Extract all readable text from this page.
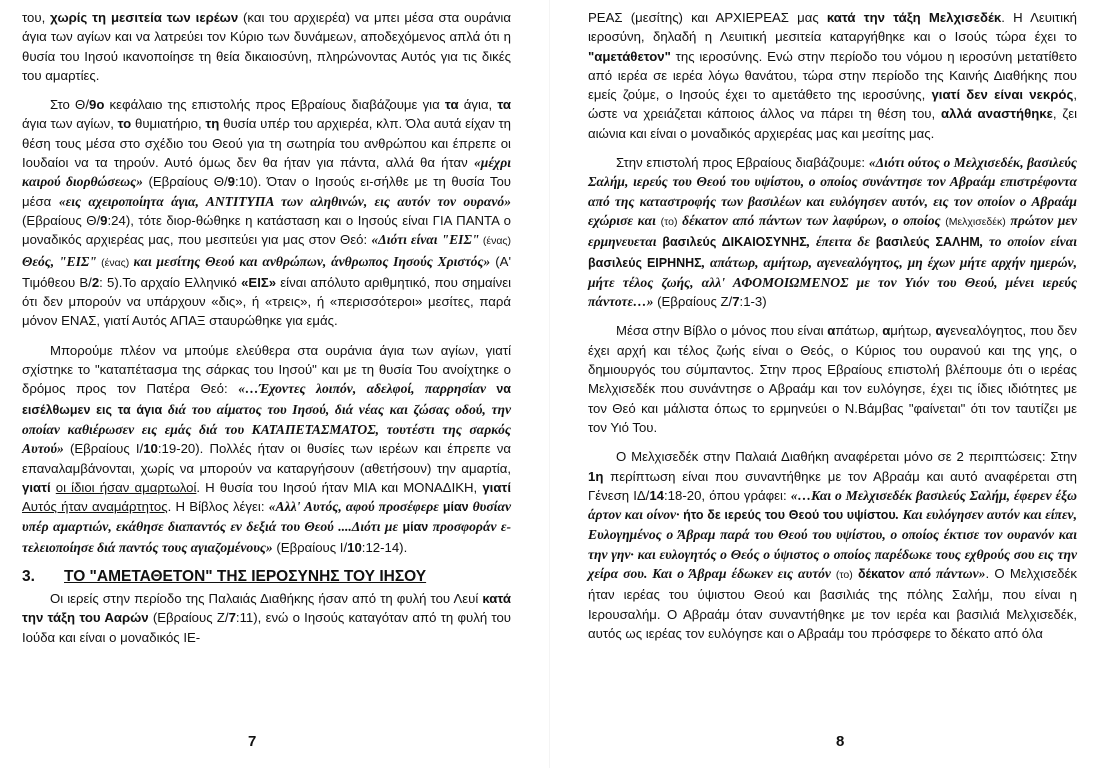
του, χωρίς τη μεσιτεία των ιερέων (και του αρχιερέα) να μπει μέσα στα ουράνια άγια των αγίων και να λατρεύει τον Κύριο των δυνάμεων, αποδεχόμενος απλά ότι η θυσία του Ιησού ικανοποίησε τη θεία δικαιοσύνη, πληρώνοντας Αυτός για τις δικές του αμαρτίες.

Στο Θ/9ο κεφάλαιο της επιστολής προς Εβραίους διαβάζουμε για τα άγια, τα άγια των αγίων, το θυμιατήριο, τη θυσία υπέρ του αρχιερέα, κλπ. Όλα αυτά είχαν τη θέση τους μέσα στο σχέδιο του Θεού για τη σωτηρία του ανθρώπου και έπρεπε οι Ιουδαίοι να τα τηρούν. Αυτό όμως δεν θα ήταν για πάντα, αλλά θα ήταν «μέχρι καιρού διορθώσεως» (Εβραίους Θ/9:10). Όταν ο Ιησούς ει-σήλθε με τη θυσία Του μέσα «εις αχειροποίητα άγια, ΑΝΤΙΤΥΠΑ των αληθινών, εις αυτόν τον ουρανό» (Εβραίους Θ/9:24), τότε διορ-θώθηκε η κατάσταση και ο Ιησούς είναι ΓΙΑ ΠΑΝΤΑ ο μοναδικός αρχιερέας μας, που μεσιτεύει για μας στον Θεό: «Διότι είναι "ΕΙΣ" (ένας) Θεός, "ΕΙΣ" (ένας) και μεσίτης Θεού και ανθρώπων, άνθρωπος Ιησούς Χριστός» (Α' Τιμόθεου Β/2: 5).Το αρχαίο Ελληνικό «ΕΙΣ» είναι απόλυτο αριθμητικό, που σημαίνει ότι δεν μπορούν να υπάρχουν «δις», ή «τρεις», ή «περισσότεροι» μεσίτες, παρά μόνον ΕΝΑΣ, γιατί Αυτός ΑΠΑΞ σταυρώθηκε για εμάς.

Μπορούμε πλέον να μπούμε ελεύθερα στα ουράνια άγια των αγίων, γιατί σχίστηκε το "καταπέτασμα της σάρκας του Ιησού" και με τη θυσία Του ανοίχτηκε ο δρόμος προς τον Πατέρα Θεό: «…Έχοντες λοιπόν, αδελφοί, παρρησίαν να εισέλθωμεν εις τα άγια διά του αίματος του Ιησού, διά νέας και ζώσας οδού, την οποίαν καθιέρωσεν εις εμάς διά του ΚΑΤΑΠΕΤΑΣΜΑΤΟΣ, τουτέστι της σαρκός Αυτού» (Εβραίους Ι/10:19-20). Πολλές ήταν οι θυσίες των ιερέων και έπρεπε να επαναλαμβάνονται, χωρίς να μπορούν να καταργήσουν (αθετήσουν) την αμαρτία, γιατί οι ίδιοι ήσαν αμαρτωλοί. Η θυσία του Ιησού ήταν ΜΙΑ και ΜΟΝΑΔΙΚΗ, γιατί Αυτός ήταν αναμάρτητος. Η Βίβλος λέγει: «Αλλ' Αυτός, αφού προσέφερε μίαν θυσίαν υπέρ αμαρτιών, εκάθησε διαπαντός εν δεξιά του Θεού ....Διότι με μίαν προσφοράν ε-τελειοποίησε διά παντός τους αγιαζομένους» (Εβραίους Ι/10:12-14).

3. ΤΟ "ΑΜΕΤΑΘΕΤΟΝ" ΤΗΣ ΙΕΡΟΣΥΝΗΣ ΤΟΥ ΙΗΣΟΥ

Οι ιερείς στην περίοδο της Παλαιάς Διαθήκης ήσαν από τη φυλή του Λευί κατά την τάξη του Ααρών (Εβραίους Ζ/7:11), ενώ ο Ιησούς καταγόταν από τη φυλή του Ιούδα και είναι ο μοναδικός ΙΕ-

7

ΡΕΑΣ (μεσίτης) και ΑΡΧΙΕΡΕΑΣ μας κατά την τάξη Μελχισεδέκ. Η Λευιτική ιεροσύνη, δηλαδή η Λευιτική μεσιτεία καταργήθηκε και ο Ισούς τώρα έχει το "αμετάθετον" της ιεροσύνης. Ενώ στην περίοδο του νόμου η ιεροσύνη μετατίθετο από ιερέα σε ιερέα λόγω θανάτου, τώρα στην περίοδο της Καινής Διαθήκης που εμείς ζούμε, ο Ιησούς έχει το αμετάθετο της ιεροσύνης, γιατί δεν είναι νεκρός, ώστε να χρειάζεται κάποιος άλλος να πάρει τη θέση του, αλλά αναστήθηκε, ζει αιώνια και είναι ο μοναδικός αρχιερέας μας και μεσίτης μας.

Στην επιστολή προς Εβραίους διαβάζουμε: «Διότι ούτος ο Μελχισεδέκ, βασιλεύς Σαλήμ, ιερεύς του Θεού του υψίστου, ο οποίος συνάντησε τον Αβραάμ επιστρέφοντα από της καταστροφής των βασιλέων και ευλόγησεν αυτόν, εις τον οποίον ο Αβραάμ εχώρισε και (το) δέκατον από πάντων των λαφύρων, ο οποίος (Μελχισεδέκ) πρώτον μεν ερμηνευεται βασιλεύς ΔΙΚΑΙΟΣΥΝΗΣ, έπειτα δε βασιλεύς ΣΑΛΗΜ, το οποίον είναι βασιλεύς ΕΙΡΗΝΗΣ, απάτωρ, αμήτωρ, αγενεαλόγητος, μη έχων μήτε αρχήν ημερών, μήτε τέλος ζωής, αλλ' ΑΦΟΜΟΙΩΜΕΝΟΣ με τον Υιόν του Θεού, μένει ιερεύς πάντοτε…» (Εβραίους Ζ/7:1-3)

Μέσα στην Βίβλο ο μόνος που είναι απάτωρ, αμήτωρ, αγενεαλόγητος, που δεν έχει αρχή και τέλος ζωής είναι ο Θεός, ο Κύριος του ουρανού και της γης, ο δημιουργός του σύμπαντος. Στην προς Εβραίους επιστολή βλέπουμε ότι ο ιερέας Μελχισεδέκ που συνάντησε ο Αβραάμ και τον ευλόγησε, έχει τις ίδιες ιδιότητες με τον Θεό και μάλιστα όπως το ερμηνεύει ο Ν.Βάμβας "φαίνεται" ότι τον ταυτίζει με τον Υιό Του.

Ο Μελχισεδέκ στην Παλαιά Διαθήκη αναφέρεται μόνο σε 2 περιπτώσεις: Στην 1η περίπτωση είναι που συναντήθηκε με τον Αβραάμ και αυτό αναφέρεται στη Γένεση ΙΔ/14:18-20, όπου γράφει: «…Και ο Μελχισεδέκ βασιλεύς Σαλήμ, έφερεν έξω άρτον και οίνον· ήτο δε ιερεύς του Θεού του υψίστου. Και ευλόγησεν αυτόν και είπεν, Ευλογημένος ο Άβραμ παρά του Θεού του υψίστου, ο οποίος έκτισε τον ουρανόν και την γην· και ευλογητός ο Θεός ο ύψιστος ο οποίος παρέδωκε τους εχθρούς σου εις την χείρα σου. Και ο Άβραμ έδωκεν εις αυτόν (το) δέκατον από πάντων». Ο Μελχισεδέκ ήταν ιερέας του ύψιστου Θεού και βασιλιάς της πόλης Σαλήμ, που είναι η Ιερουσαλήμ. Ο Αβραάμ όταν συναντήθηκε με τον ιερέα και βασιλιά Μελχισεδέκ, αυτός ως ιερέας τον ευλόγησε και ο Αβραάμ του πρόσφερε το δέκατο από όλα

8
